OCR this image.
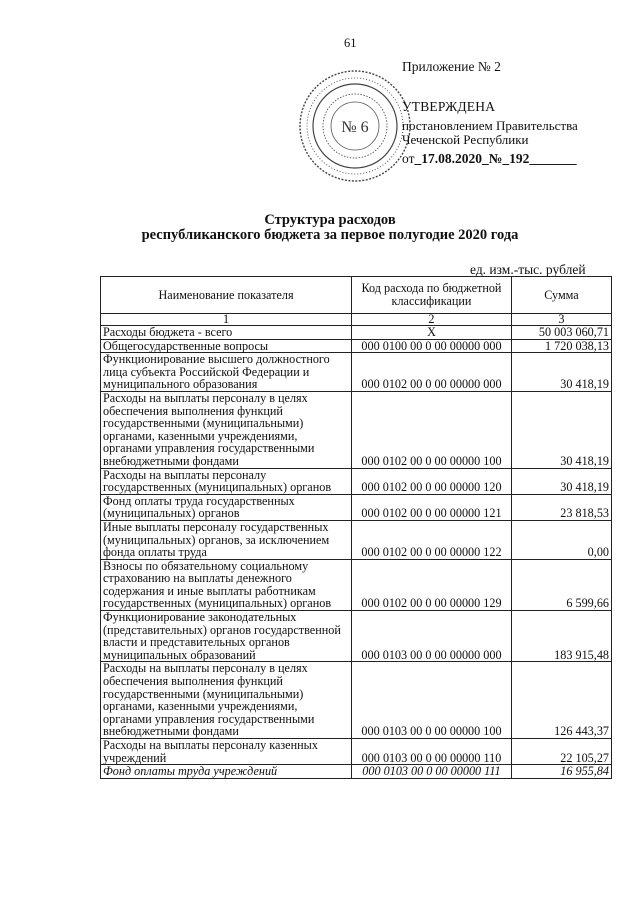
61
№ 6
Приложение № 2
УТВЕРЖДЕНА
постановлением Правительства Чеченской Республики
от_17.08.2020_№_192_______
Структура расходов
республиканского бюджета за первое полугодие 2020 года
ед. изм.-тыс. рублей
Наименование показателя	Код расхода по бюджетной классификации	Сумма
1	2	3
Расходы бюджета - всего	X	50 003 060,71
Общегосударственные вопросы	000 0100 00 0 00 00000 000	1 720 038,13
Функционирование высшего должностного лица субъекта Российской Федерации и муниципального образования	000 0102 00 0 00 00000 000	30 418,19
Расходы на выплаты персоналу в целях обеспечения выполнения функций государственными (муниципальными) органами, казенными учреждениями, органами управления государственными внебюджетными фондами	000 0102 00 0 00 00000 100	30 418,19
Расходы на выплаты персоналу государственных (муниципальных) органов	000 0102 00 0 00 00000 120	30 418,19
Фонд оплаты труда государственных (муниципальных) органов	000 0102 00 0 00 00000 121	23 818,53
Иные выплаты персоналу государственных (муниципальных) органов, за исключением фонда оплаты труда	000 0102 00 0 00 00000 122	0,00
Взносы по обязательному социальному страхованию на выплаты денежного содержания и иные выплаты работникам государственных (муниципальных) органов	000 0102 00 0 00 00000 129	6 599,66
Функционирование законодательных (представительных) органов государственной власти и представительных органов муниципальных образований	000 0103 00 0 00 00000 000	183 915,48
Расходы на выплаты персоналу в целях обеспечения выполнения функций государственными (муниципальными) органами, казенными учреждениями, органами управления государственными внебюджетными фондами	000 0103 00 0 00 00000 100	126 443,37
Расходы на выплаты персоналу казенных учреждений	000 0103 00 0 00 00000 110	22 105,27
Фонд оплаты труда учреждений	000 0103 00 0 00 00000 111	16 955,84
